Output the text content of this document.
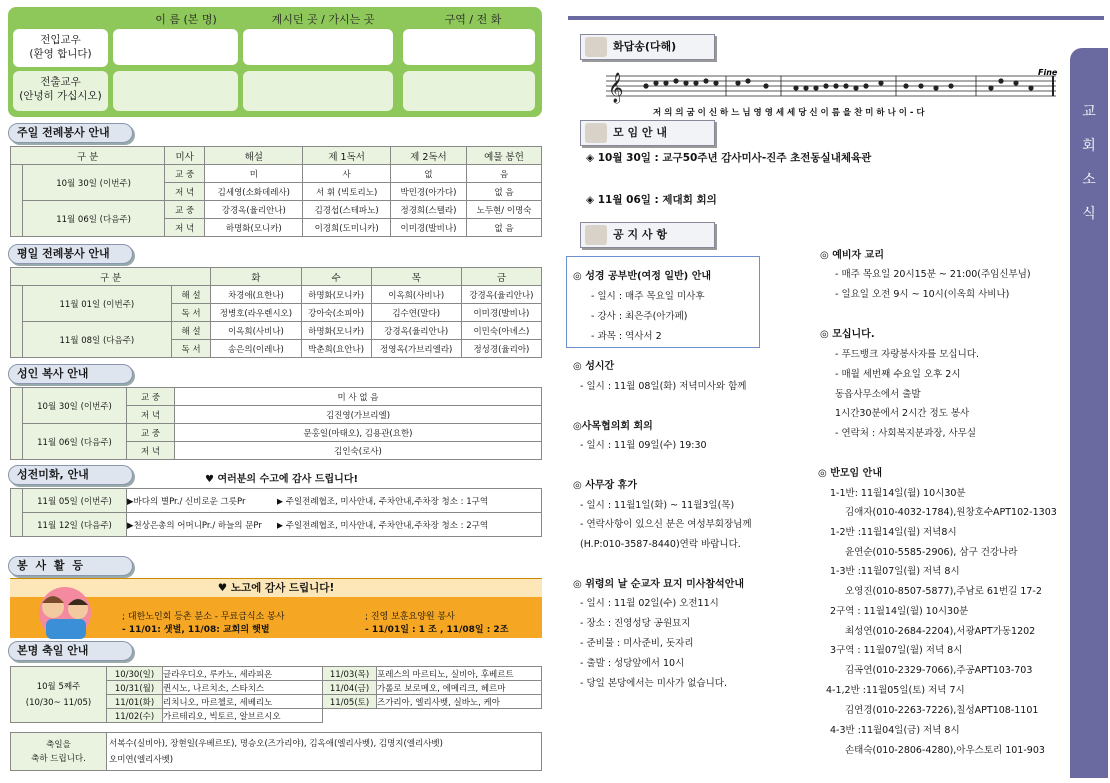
이 름 (본 명)	계시던 곳 / 가시는 곳	구역 / 전 화
전입교우
(환영 합니다)
전출교우
(안녕히 가십시오)
주일 전례봉사 안내
구 분		미사	해설	제 1독서	제 2독서	예물 봉헌
	10월 30일 (이번주)	교 중	미	사	없	음
		저 녁	김세영(소화데레사)	서 휘 (빅토리노)	박민경(아가다)	없 음
	11월 06일 (다음주)	교 중	강경옥(율리안나)	김경섭(스테파노)	정경희(스텔라)	노두현/ 이명숙
		저 녁	하명화(모니카)	이경희(도미니카)	이미경(발비나)	없 음
평일 전례봉사 안내
구 분			화	수	목	금
	11월 01일 (이번주)	해 설	차경애(요한나)	하명화(모니카)	이옥희(사비나)	강경옥(율리안나)
		독 서	정병호(라우렌시오)	강아숙(소피아)	김수연(말다)	이미경(발비나)
	11월 08일 (다음주)	해 설	이옥희(사비나)	하명화(모니카)	강경옥(율리안나)	이민숙(아녜스)
		독 서	송은의(이레나)	박춘희(요안나)	정영옥(가브리엘라)	정성경(율리아)
성인 복사 안내
	10월 30일 (이번주)	교 중	미 사 없 음
		저 녁	김진영(가브리엘)
	11월 06일 (다음주)	교 중	문홍일(마태오), 김용관(요한)
		저 녁	김인숙(로사)
성전미화, 안내	♥ 여러분의 수고에 감사 드립니다!
	11월 05일 (이번주)	▶바다의 별Pr./ 신비로운 그릇Pr	▶ 주일전례협조, 미사안내, 주차안내,주차장 청소 : 1구역
	11월 12일 (다음주)	▶천상은총의 어머니Pr./ 하늘의 문Pr	▶ 주일전례협조, 미사안내, 주차안내,주차장 청소 : 2구역
봉 사 활 등
♥ 노고에 감사 드립니다!
; 대한노인회 등촌 분소 - 무료급식소 봉사
- 11/01: 샛별, 11/08: 교회의 햇볕
; 진영 보훈요양원 봉사
- 11/01일 : 1 조 , 11/08일 : 2조
본명 축일 안내
10월 5째주
(10/30~ 11/05)	10/30(일)	글라우디오, 루카노, 세라피온	11/03(목)	포레스의 마르티노, 실비아, 후베르트
	10/31(월)	퀸시노, 나르치소, 스타치스	11/04(금)	가롤로 보로메오, 에메리크, 헤르마
	11/01(화)	리치니오, 마르첼로, 세베리노	11/05(토)	즈가리아, 엘리사벳, 실바노, 케아
	11/02(수)	가르테리오, 빅토르, 알브르시오		
축일을
축하 드립니다.

서복수(실비아), 장현일(우베르또), 명승오(즈가리야), 김옥애(엘리사벳), 김명지(엘리사벳)
오미연(엘리사벳)
교
회
소
식
화답송(다해)
𝄞
Fine
저 의 의 굼 이 신 하 느 님 영 영 세 세 당 신 이 름 을 찬 미 하 나 이 - 다
모 임 안 내
◈ 10월 30일 : 교구50주년 감사미사-진주 초전동실내체육관
◈ 11월 06일 : 제대회 회의
공 지 사 항
◎ 성경 공부반(여정 일반) 안내
- 일시 : 매주 목요일 미사후
- 강사 : 최은주(아가페)
- 과목 : 역사서 2
◎ 성시간
- 일시 : 11월 08일(화) 저녁미사와 함께
◎사목협의회 회의
- 일시 : 11월 09일(수) 19:30
◎ 사무장 휴가
- 일시 : 11월1일(화) ~ 11월3일(목)
- 연락사항이 있으신 분은 여성부회장님께
(H.P:010-3587-8440)연락 바랍니다.
◎ 위령의 날 순교자 묘지 미사참석안내
- 일시 : 11월 02일(수) 오전11시
- 장소 : 진영성당 공원묘지
- 준비물 : 미사준비, 돗자리
- 출발 : 성당앞에서 10시
- 당일 본당에서는 미사가 없습니다.
◎ 예비자 교리
- 매주 목요일 20시15분 ~ 21:00(주임신부님)
- 일요일 오전 9시 ~ 10시(이옥희 사비나)
◎ 모십니다.
- 푸드뱅크 자랑봉사자를 모십니다.
- 매월 세번째 수요일 오후 2시
동읍사무소에서 출발
1시간30분에서 2시간 정도 봉사
- 연락처 : 사회복지분과장, 사무실
◎ 반모임 안내
1-1반: 11월14일(월) 10시30분
김애자(010-4032-1784),원창호수APT102-1303
1-2반 :11월14일(월) 저녁8시
윤연순(010-5585-2906), 삼구 건강나라
1-3반 :11월07일(월) 저녁 8시
오영진(010-8507-5877),주남로 61번길 17-2
2구역 : 11월14일(월) 10시30분
최성연(010-2684-2204),서광APT가동1202
3구역 : 11월07일(월) 저녁 8시
김곡연(010-2329-7066),주공APT103-703
4-1,2반 :11월05일(토) 저녁 7시
김연경(010-2263-7226),칠성APT108-1101
4-3반 :11월04일(금) 저녁 8시
손태숙(010-2806-4280),아우스토리 101-903
